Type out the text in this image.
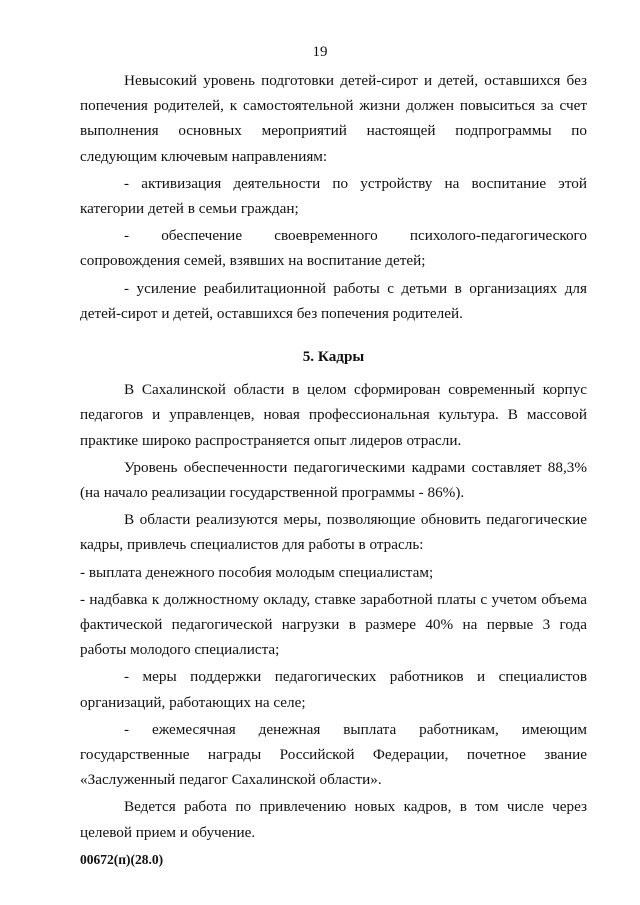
19

Невысокий уровень подготовки детей-сирот и детей, оставшихся без попечения родителей, к самостоятельной жизни должен повыситься за счет выполнения основных мероприятий настоящей подпрограммы по следующим ключевым направлениям:

- активизация деятельности по устройству на воспитание этой категории детей в семьи граждан;

- обеспечение своевременного психолого-педагогического сопровождения семей, взявших на воспитание детей;

- усиление реабилитационной работы с детьми в организациях для детей-сирот и детей, оставшихся без попечения родителей.

5. Кадры

В Сахалинской области в целом сформирован современный корпус педагогов и управленцев, новая профессиональная культура. В массовой практике широко распространяется опыт лидеров отрасли.

Уровень обеспеченности педагогическими кадрами составляет 88,3% (на начало реализации государственной программы - 86%).

В области реализуются меры, позволяющие обновить педагогические кадры, привлечь специалистов для работы в отрасль:

- выплата денежного пособия молодым специалистам;

- надбавка к должностному окладу, ставке заработной платы с учетом объема фактической педагогической нагрузки в размере 40% на первые 3 года работы молодого специалиста;

- меры поддержки педагогических работников и специалистов организаций, работающих на селе;

- ежемесячная денежная выплата работникам, имеющим государственные награды Российской Федерации, почетное звание «Заслуженный педагог Сахалинской области».

Ведется работа по привлечению новых кадров, в том числе через целевой прием и обучение.

00672(п)(28.0)
